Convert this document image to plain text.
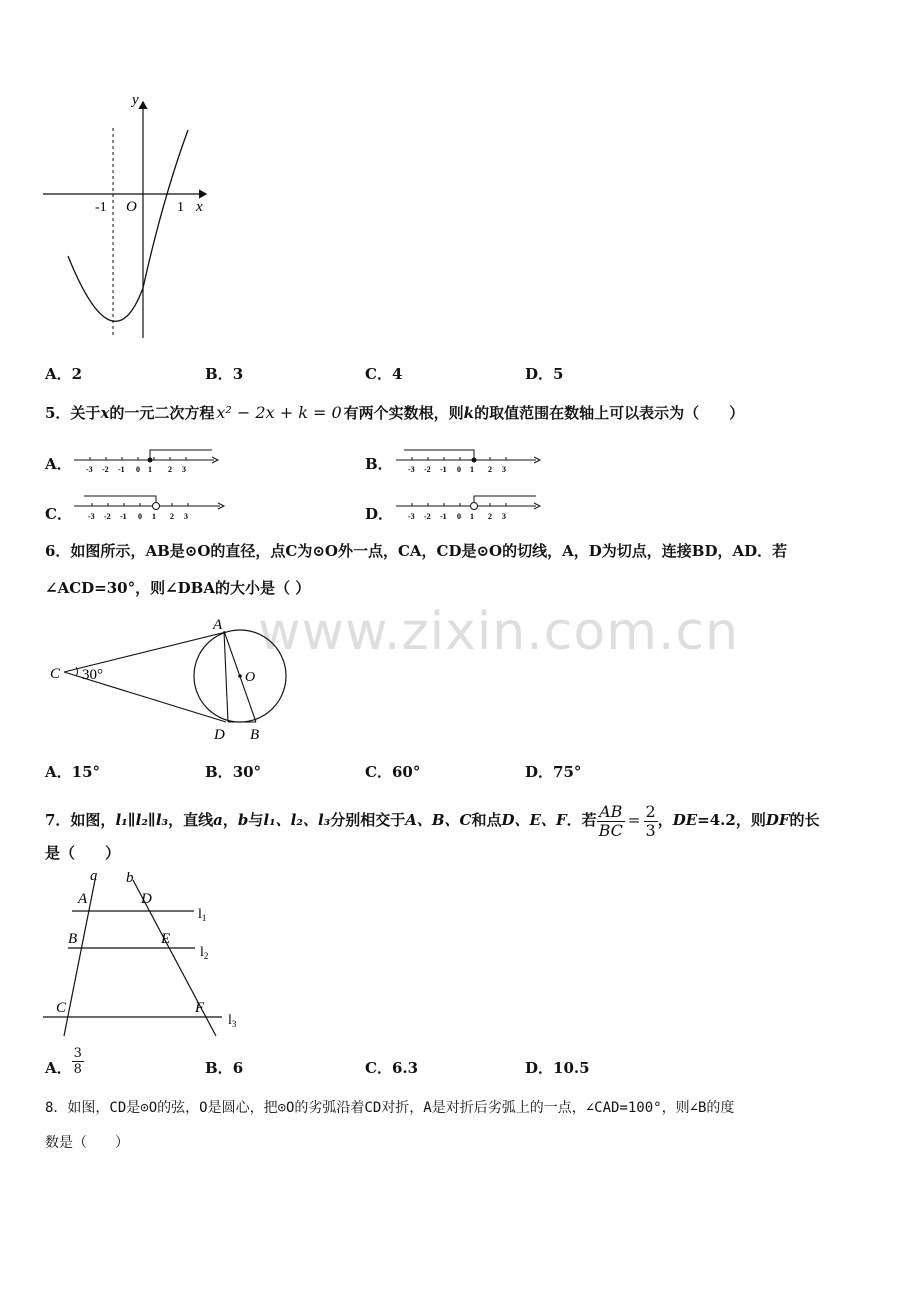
www.zixin.com.cn
y
x
-1 O	1
A．2	B．3	C．4	D．5
5．关于x的一元二次方程 x² − 2x + k = 0 有两个实数根，则k的取值范围在数轴上可以表示为（　　）
A． -3 -2 -1 0 1 2 3	B． -3 -2 -1 0 1 2 3
C． -3 -2 -1 0 1 2 3	D． -3 -2 -1 0 1 2 3
6．如图所示，AB是⊙O的直径，点C为⊙O外一点，CA，CD是⊙O的切线，A，D为切点，连接BD，AD．若
∠ACD=30°，则∠DBA的大小是（ ）
A
O
C 30°
D B
A．15°	B．30°	C．60°	D．75°
7．如图，l₁∥l₂∥l₃，直线a，b与l₁、l₂、l₃分别相交于A、B、C和点D、E、F．若 $\frac{AB}{BC} = \frac{2}{3}$ ，DE=4.2，则DF的长
是（　　）
a b
A	D
B	E
C	F
$l_1$
$l_2$
$l_3$
A． $\frac{3}{8}$	B．6	C．6.3	D．10.5
8．如图，CD是⊙O的弦，O是圆心，把⊙O的劣弧沿着CD对折，A是对折后劣弧上的一点，∠CAD=100°，则∠B的度
数是（　　）
